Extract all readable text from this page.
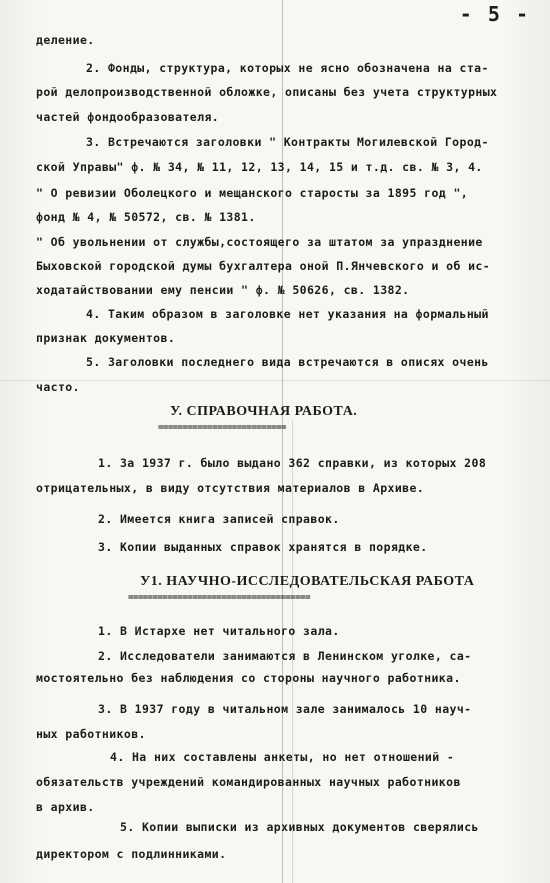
- 5 -
деление.
2. Фонды, структура, которых не ясно обозначена на ста-
рой делопроизводственной обложке, описаны без учета структурных
частей фондообразователя.
3. Встречаются заголовки " Контракты Могилевской Город-
ской Управы" ф. № 34, № 11, 12, 13, 14, 15 и т.д. св. № 3, 4.
" О ревизии Оболецкого и мещанского старосты за 1895 год ",
фонд № 4, № 50572, св. № 1381.
" Об увольнении от службы,состоящего за штатом за упразднение
Быховской городской думы бухгалтера оной П.Янчевского и об ис-
ходатайствовании ему пенсии " ф. № 50626, св. 1382.
4. Таким образом в заголовке нет указания на формальный
признак документов.
5. Заголовки последнего вида встречаются в описях очень
часто.
У. СПРАВОЧНАЯ РАБОТА.
==========================
1. За 1937 г. было выдано 362 справки, из которых 208
отрицательных, в виду отсутствия материалов в Архиве.
2. Имеется книга записей справок.
3. Копии выданных справок хранятся в порядке.
У1. НАУЧНО-ИССЛЕДОВАТЕЛЬСКАЯ РАБОТА
=====================================
1. В Истархе нет читального зала.
2. Исследователи занимаются в Ленинском уголке, са-
мостоятельно без наблюдения со стороны научного работника.
3. В 1937 году в читальном зале занималось 10 науч-
ных работников.
4. На них составлены анкеты, но нет отношений -
обязательств учреждений командированных научных работников
в архив.
5. Копии выписки из архивных документов сверялись
директором с подлинниками.
